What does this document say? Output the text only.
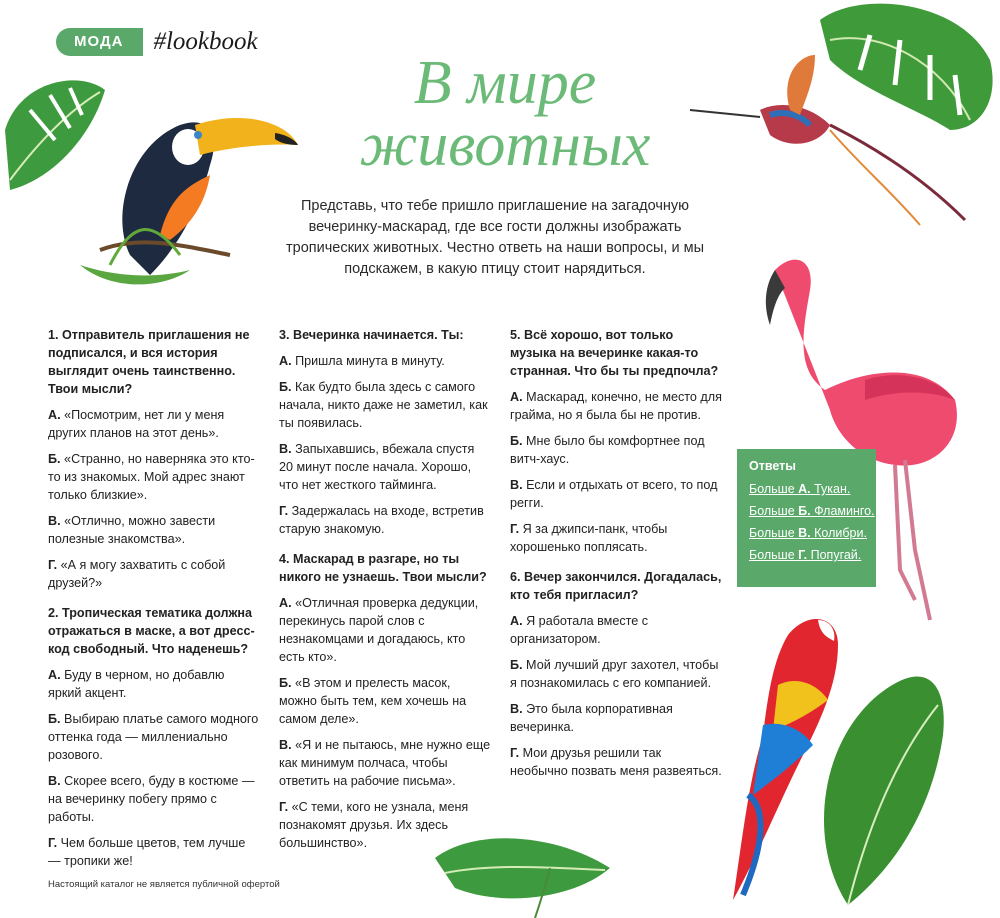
МОДА	#lookbook
В мире
животных
Представь, что тебе пришло приглашение на загадочную вечеринку-маскарад, где все гости должны изображать тропических животных. Честно ответь на наши вопросы, и мы подскажем, в какую птицу стоит нарядиться.
1. Отправитель приглашения не подписался, и вся история выглядит очень таинственно. Твои мысли?
А. «Посмотрим, нет ли у меня других планов на этот день».
Б. «Странно, но наверняка это кто-то из знакомых. Мой адрес знают только близкие».
В. «Отлично, можно завести полезные знакомства».
Г. «А я могу захватить с собой друзей?»
2. Тропическая тематика должна отражаться в маске, а вот дресс-код свободный. Что наденешь?
А. Буду в черном, но добавлю яркий акцент.
Б. Выбираю платье самого модного оттенка года — миллениально розового.
В. Скорее всего, буду в костюме — на вечеринку побегу прямо с работы.
Г. Чем больше цветов, тем лучше — тропики же!
3. Вечеринка начинается. Ты:
А. Пришла минута в минуту.
Б. Как будто была здесь с самого начала, никто даже не заметил, как ты появилась.
В. Запыхавшись, вбежала спустя 20 минут после начала. Хорошо, что нет жесткого тайминга.
Г. Задержалась на входе, встретив старую знакомую.
4. Маскарад в разгаре, но ты никого не узнаешь. Твои мысли?
А. «Отличная проверка дедукции, перекинусь парой слов с незнакомцами и догадаюсь, кто есть кто».
Б. «В этом и прелесть масок, можно быть тем, кем хочешь на самом деле».
В. «Я и не пытаюсь, мне нужно еще как минимум полчаса, чтобы ответить на рабочие письма».
Г. «С теми, кого не узнала, меня познакомят друзья. Их здесь большинство».
5. Всё хорошо, вот только музыка на вечеринке какая-то странная. Что бы ты предпочла?
А. Маскарад, конечно, не место для грайма, но я была бы не против.
Б. Мне было бы комфортнее под витч-хаус.
В. Если и отдыхать от всего, то под регги.
Г. Я за джипси-панк, чтобы хорошенько поплясать.
6. Вечер закончился. Догадалась, кто тебя пригласил?
А. Я работала вместе с организатором.
Б. Мой лучший друг захотел, чтобы я познакомилась с его компанией.
В. Это была корпоративная вечеринка.
Г. Мои друзья решили так необычно позвать меня развеяться.
Ответы
Больше А. Тукан.
Больше Б. Фламинго.
Больше В. Колибри.
Больше Г. Попугай.
Настоящий каталог не является публичной офертой
